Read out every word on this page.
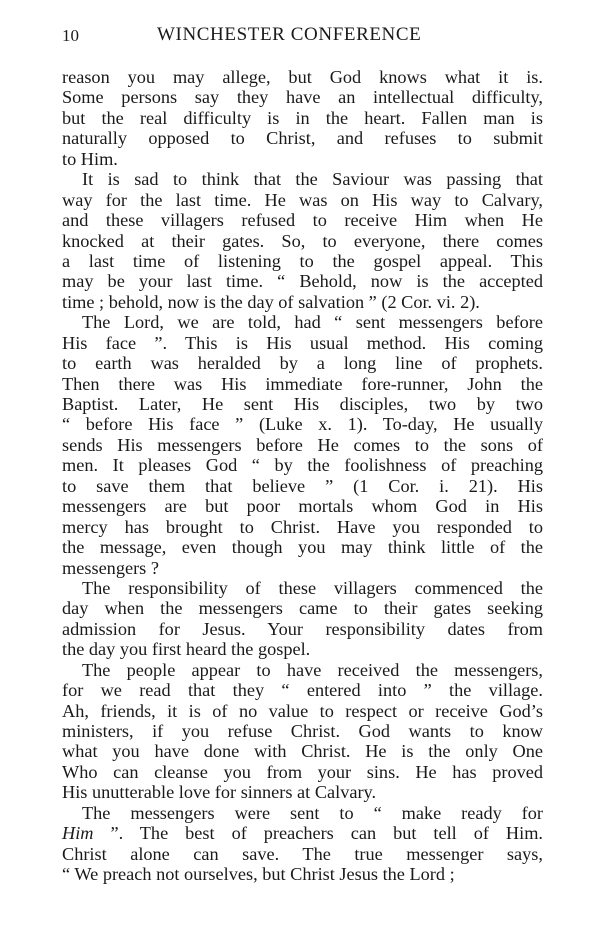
10	WINCHESTER CONFERENCE
reason you may allege, but God knows what it is.
Some persons say they have an intellectual difficulty,
but the real difficulty is in the heart. Fallen man is
naturally opposed to Christ, and refuses to submit
to Him.
It is sad to think that the Saviour was passing that
way for the last time. He was on His way to Calvary,
and these villagers refused to receive Him when He
knocked at their gates. So, to everyone, there comes
a last time of listening to the gospel appeal. This
may be your last time. “ Behold, now is the accepted
time ; behold, now is the day of salvation ” (2 Cor. vi. 2).
The Lord, we are told, had “ sent messengers before
His face ”. This is His usual method. His coming
to earth was heralded by a long line of prophets.
Then there was His immediate fore-runner, John the
Baptist. Later, He sent His disciples, two by two
“ before His face ” (Luke x. 1). To-day, He usually
sends His messengers before He comes to the sons of
men. It pleases God “ by the foolishness of preaching
to save them that believe ” (1 Cor. i. 21). His
messengers are but poor mortals whom God in His
mercy has brought to Christ. Have you responded to
the message, even though you may think little of the
messengers ?
The responsibility of these villagers commenced the
day when the messengers came to their gates seeking
admission for Jesus. Your responsibility dates from
the day you first heard the gospel.
The people appear to have received the messengers,
for we read that they “ entered into ” the village.
Ah, friends, it is of no value to respect or receive God’s
ministers, if you refuse Christ. God wants to know
what you have done with Christ. He is the only One
Who can cleanse you from your sins. He has proved
His unutterable love for sinners at Calvary.
The messengers were sent to “ make ready for
Him ”. The best of preachers can but tell of Him.
Christ alone can save. The true messenger says,
“ We preach not ourselves, but Christ Jesus the Lord ;
